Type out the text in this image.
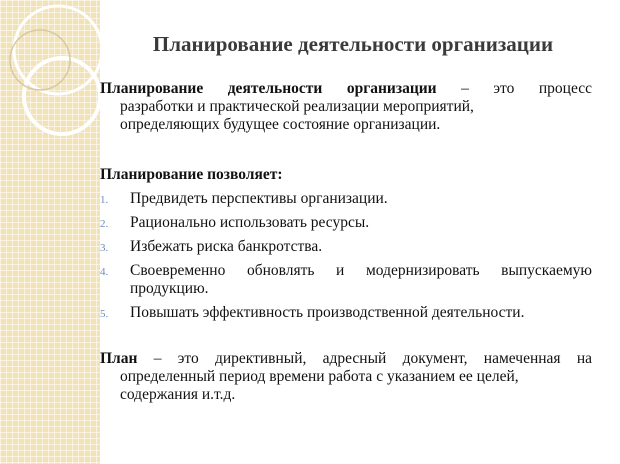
Планирование деятельности организации

Планирование деятельности организации – это процесс
разработки и практической реализации мероприятий,
определяющих будущее состояние организации.

Планирование позволяет:

1. Предвидеть перспективы организации.
2. Рационально использовать ресурсы.
3. Избежать риска банкротства.
4. Своевременно обновлять и модернизировать выпускаемую продукцию.
5. Повышать эффективность производственной деятельности.

План – это директивный, адресный документ, намеченная на
определенный период времени работа с указанием ее целей,
содержания и.т.д.
